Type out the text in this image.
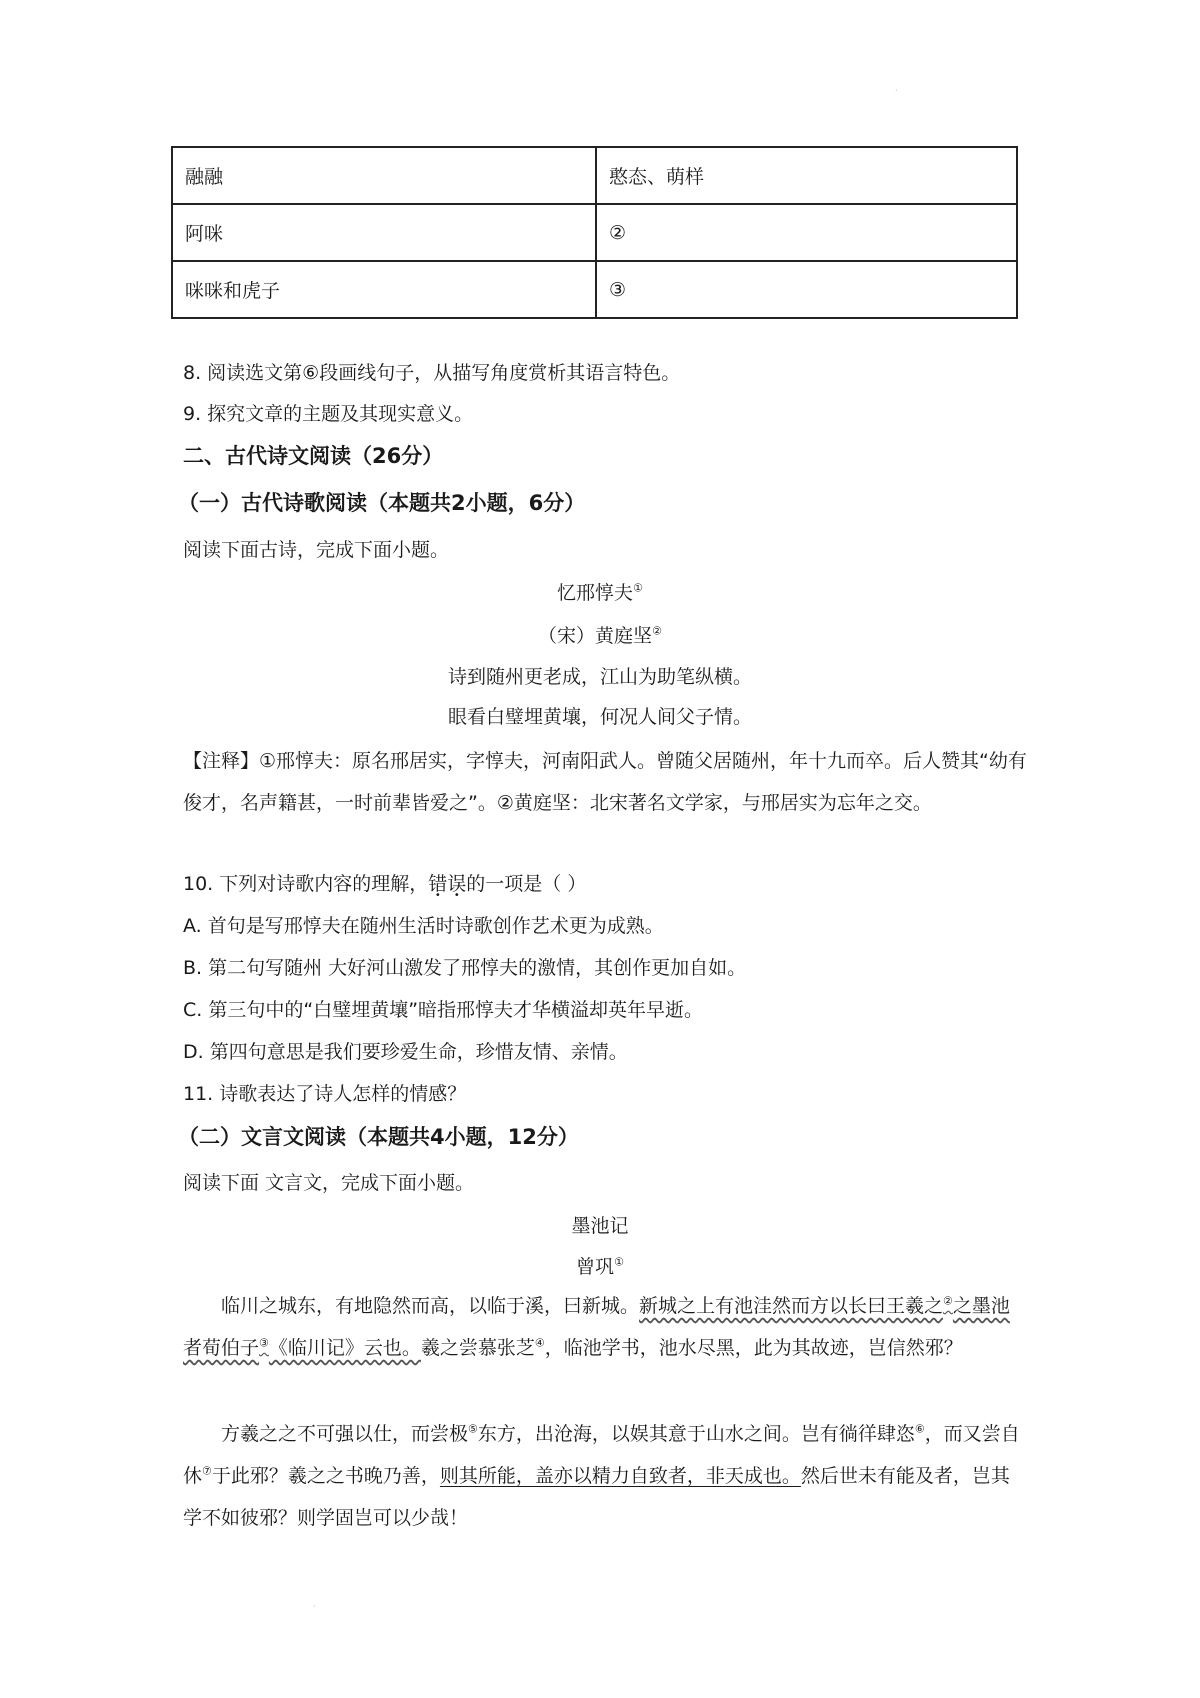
·
融融	憨态、萌样
阿咪	②
咪咪和虎子	③
8. 阅读选文第⑥段画线句子，从描写角度赏析其语言特色。
9. 探究文章的主题及其现实意义。
二、古代诗文阅读（26分）
（一）古代诗歌阅读（本题共2小题，6分）
阅读下面古诗，完成下面小题。
忆邢惇夫①
（宋）黄庭坚②
诗到随州更老成，江山为助笔纵横。
眼看白璧埋黄壤，何况人间父子情。
【注释】①邢惇夫：原名邢居实，字惇夫，河南阳武人。曾随父居随州，年十九而卒。后人赞其“幼有俊才，名声籍甚，一时前辈皆爱之”。②黄庭坚：北宋著名文学家，与邢居实为忘年之交。
10. 下列对诗歌内容的理解，错误的一项是（ ）
A. 首句是写邢惇夫在随州生活时诗歌创作艺术更为成熟。
B. 第二句写随州 大好河山激发了邢惇夫的激情，其创作更加自如。
C. 第三句中的“白璧埋黄壤”暗指邢惇夫才华横溢却英年早逝。
D. 第四句意思是我们要珍爱生命，珍惜友情、亲情。
11. 诗歌表达了诗人怎样的情感？
（二）文言文阅读（本题共4小题，12分）
阅读下面 文言文，完成下面小题。
墨池记
曾巩①
临川之城东，有地隐然而高，以临于溪，曰新城。新城之上有池洼然而方以长曰王羲之②之墨池者荀伯子③《临川记》云也。羲之尝慕张芝④，临池学书，池水尽黑，此为其故迹，岂信然邪？
方羲之之不可强以仕，而尝极⑤东方，出沧海，以娱其意于山水之间。岂有徜徉肆恣⑥，而又尝自休⑦于此邪？羲之之书晚乃善，则其所能，盖亦以精力自致者，非天成也。然后世未有能及者，岂其学不如彼邪？则学固岂可以少哉！
·
